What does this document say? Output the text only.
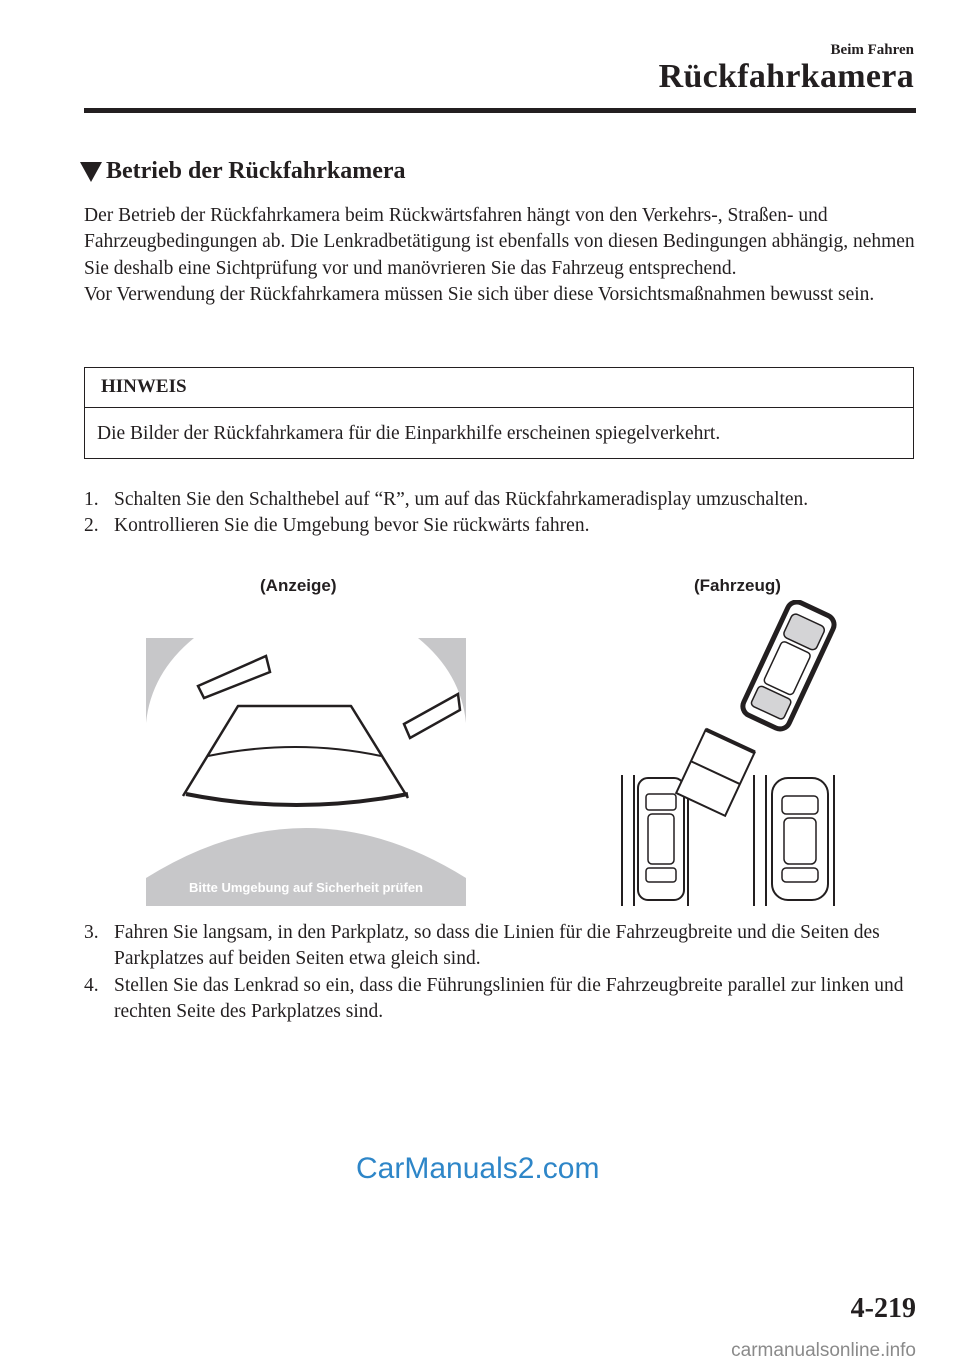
Beim Fahren
Rückfahrkamera
Betrieb der Rückfahrkamera

Der Betrieb der Rückfahrkamera beim Rückwärtsfahren hängt von den Verkehrs-, Straßen- und Fahrzeugbedingungen ab. Die Lenkradbetätigung ist ebenfalls von diesen Bedingungen abhängig, nehmen Sie deshalb eine Sichtprüfung vor und manövrieren Sie das Fahrzeug entsprechend.

Vor Verwendung der Rückfahrkamera müssen Sie sich über diese Vorsichtsmaßnahmen bewusst sein.

HINWEIS
Die Bilder der Rückfahrkamera für die Einparkhilfe erscheinen spiegelverkehrt.
1. Schalten Sie den Schalthebel auf “R”, um auf das Rückfahrkameradisplay umzuschalten.
2. Kontrollieren Sie die Umgebung bevor Sie rückwärts fahren.
(Anzeige)	(Fahrzeug)
Bitte Umgebung auf Sicherheit prüfen
3. Fahren Sie langsam, in den Parkplatz, so dass die Linien für die Fahrzeugbreite und die Seiten des Parkplatzes auf beiden Seiten etwa gleich sind.
4. Stellen Sie das Lenkrad so ein, dass die Führungslinien für die Fahrzeugbreite parallel zur linken und rechten Seite des Parkplatzes sind.
CarManuals2.com
4-219
carmanualsonline.info
